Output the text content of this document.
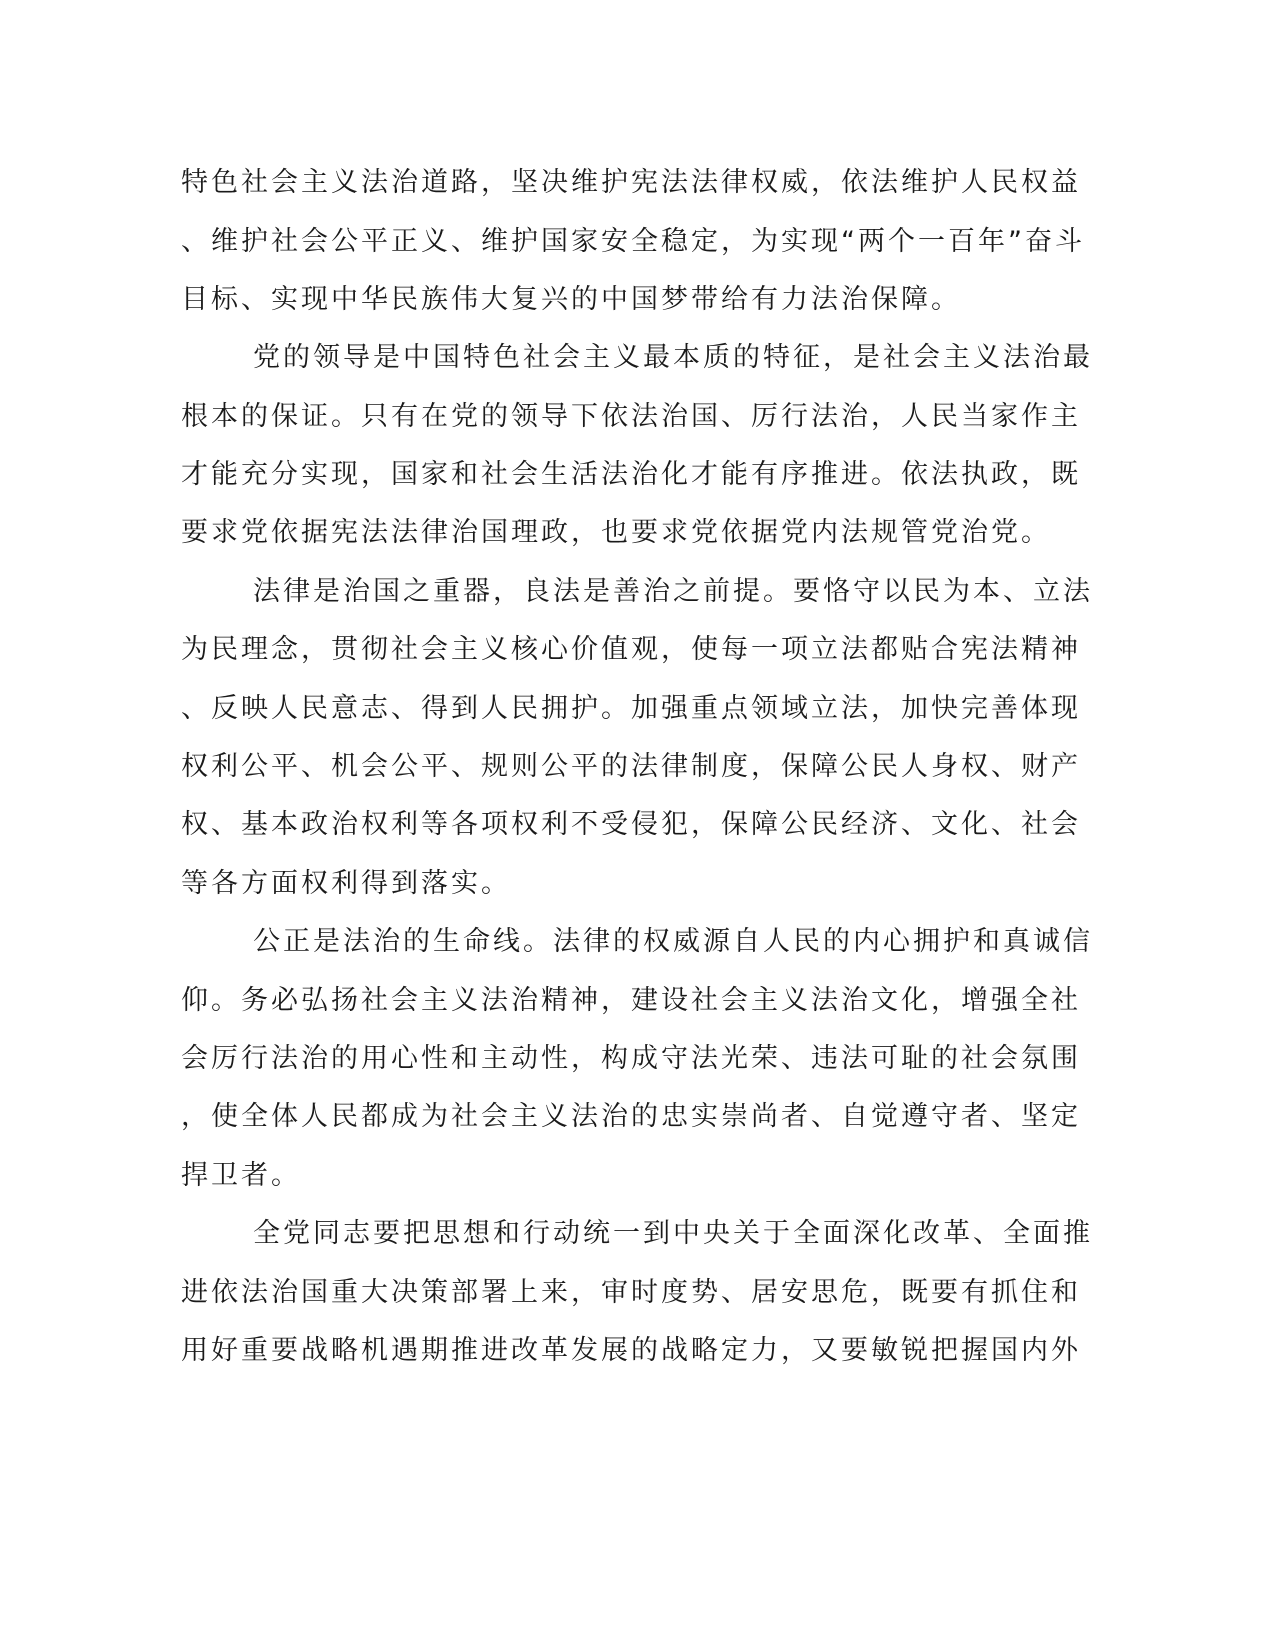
特色社会主义法治道路，坚决维护宪法法律权威，依法维护人民权益
、维护社会公平正义、维护国家安全稳定，为实现“两个一百年”奋斗
目标、实现中华民族伟大复兴的中国梦带给有力法治保障。
党的领导是中国特色社会主义最本质的特征，是社会主义法治最
根本的保证。只有在党的领导下依法治国、厉行法治，人民当家作主
才能充分实现，国家和社会生活法治化才能有序推进。依法执政，既
要求党依据宪法法律治国理政，也要求党依据党内法规管党治党。
法律是治国之重器，良法是善治之前提。要恪守以民为本、立法
为民理念，贯彻社会主义核心价值观，使每一项立法都贴合宪法精神
、反映人民意志、得到人民拥护。加强重点领域立法，加快完善体现
权利公平、机会公平、规则公平的法律制度，保障公民人身权、财产
权、基本政治权利等各项权利不受侵犯，保障公民经济、文化、社会
等各方面权利得到落实。
公正是法治的生命线。法律的权威源自人民的内心拥护和真诚信
仰。务必弘扬社会主义法治精神，建设社会主义法治文化，增强全社
会厉行法治的用心性和主动性，构成守法光荣、违法可耻的社会氛围
，使全体人民都成为社会主义法治的忠实崇尚者、自觉遵守者、坚定
捍卫者。
全党同志要把思想和行动统一到中央关于全面深化改革、全面推
进依法治国重大决策部署上来，审时度势、居安思危，既要有抓住和
用好重要战略机遇期推进改革发展的战略定力，又要敏锐把握国内外
